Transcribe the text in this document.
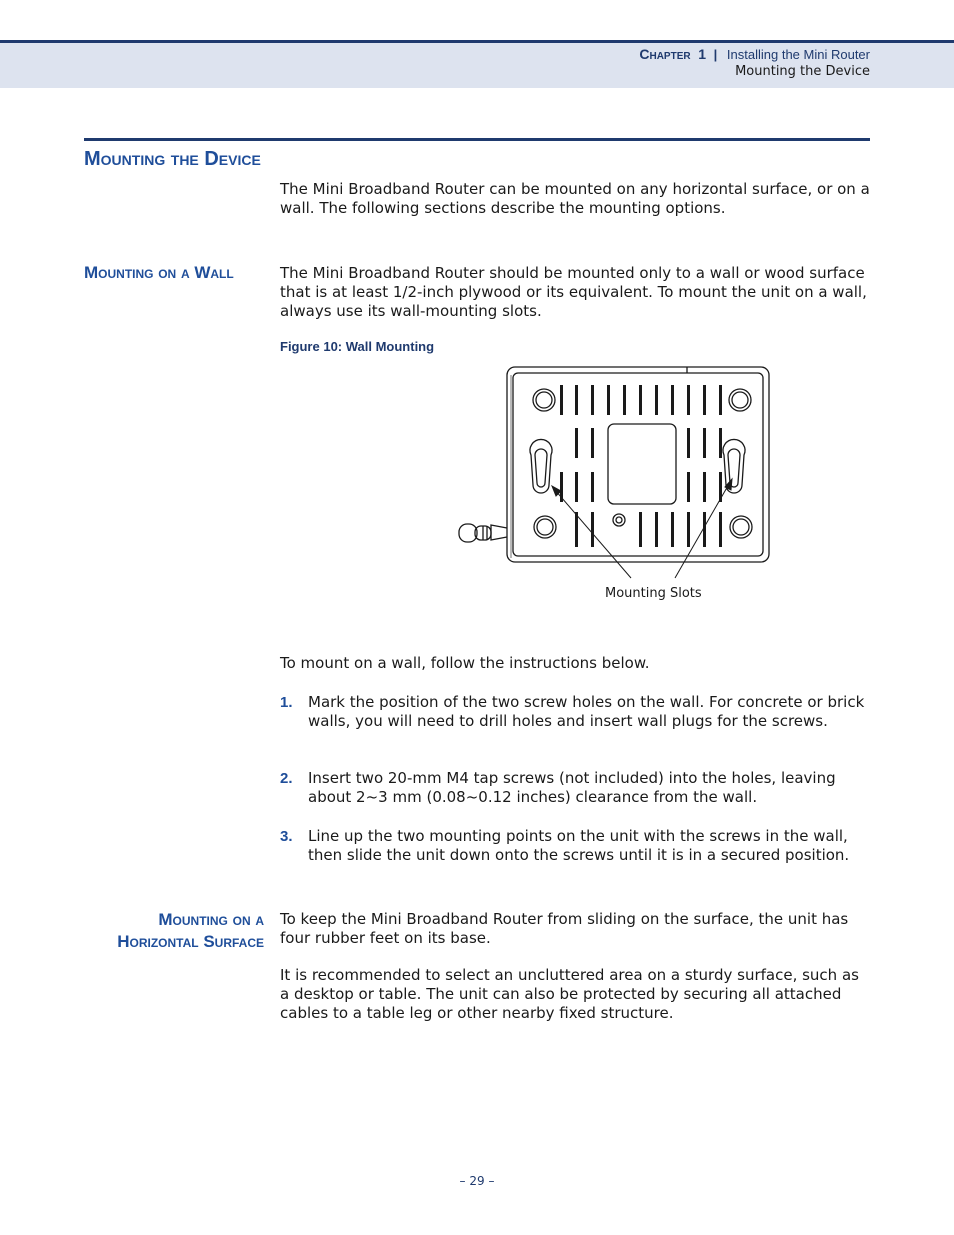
Chapter 1 | Installing the Mini Router
Mounting the Device
Mounting the Device
The Mini Broadband Router can be mounted on any horizontal surface, or on a wall. The following sections describe the mounting options.
Mounting on a Wall	The Mini Broadband Router should be mounted only to a wall or wood surface that is at least 1/2-inch plywood or its equivalent. To mount the unit on a wall, always use its wall-mounting slots.
Figure 10: Wall Mounting
Mounting Slots
To mount on a wall, follow the instructions below.
1. Mark the position of the two screw holes on the wall. For concrete or brick walls, you will need to drill holes and insert wall plugs for the screws.
2. Insert two 20-mm M4 tap screws (not included) into the holes, leaving about 2~3 mm (0.08~0.12 inches) clearance from the wall.
3. Line up the two mounting points on the unit with the screws in the wall, then slide the unit down onto the screws until it is in a secured position.
Mounting on a
Horizontal Surface
To keep the Mini Broadband Router from sliding on the surface, the unit has four rubber feet on its base.
It is recommended to select an uncluttered area on a sturdy surface, such as a desktop or table. The unit can also be protected by securing all attached cables to a table leg or other nearby fixed structure.
– 29 –
